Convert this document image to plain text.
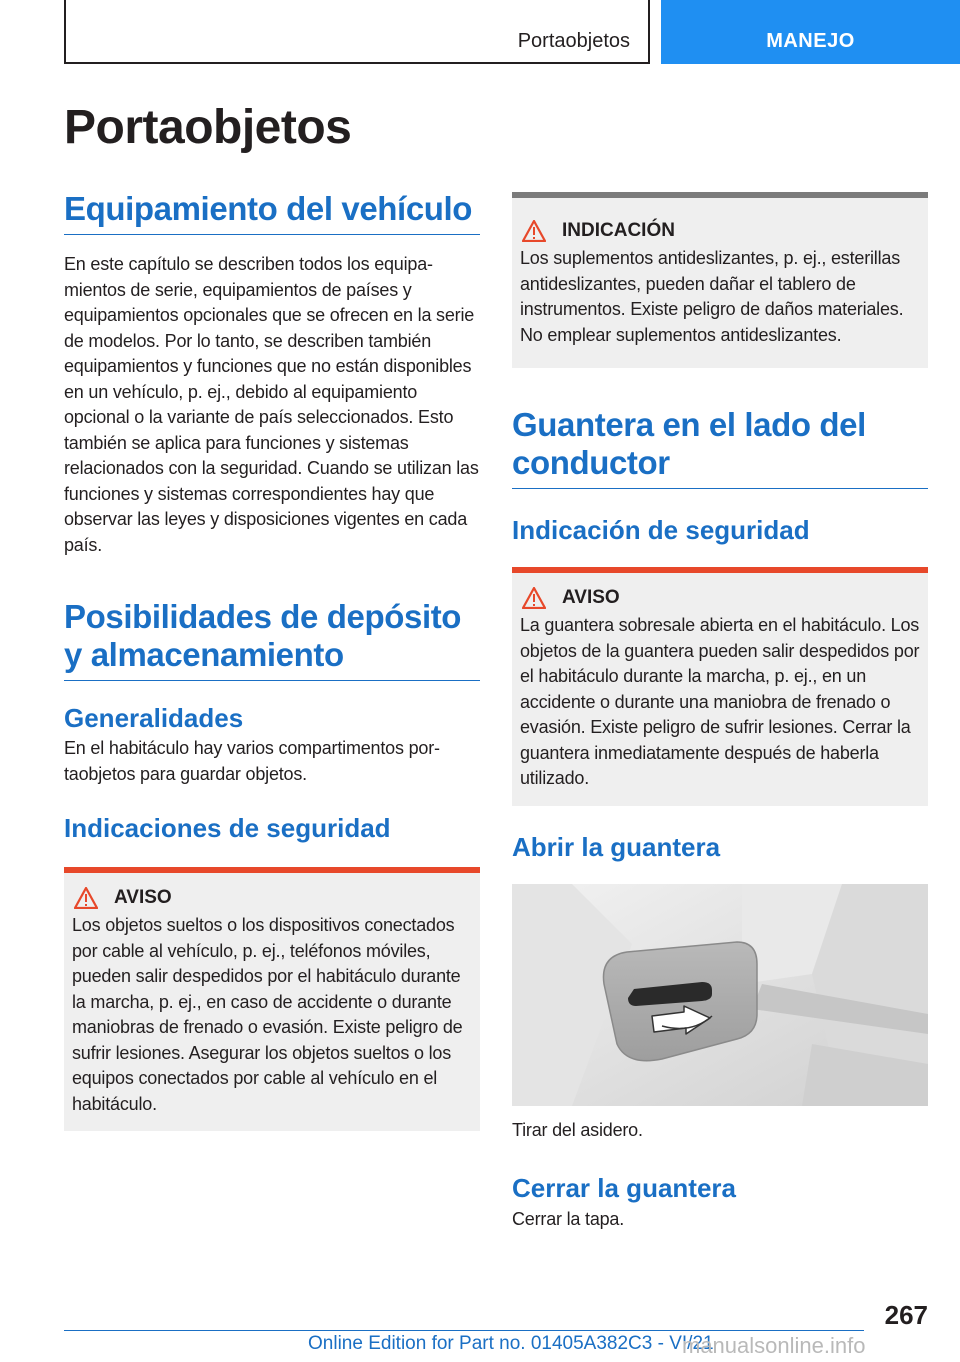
Portaobjetos	MANEJO
Portaobjetos
Equipamiento del vehículo

En este capítulo se describen todos los equipamientos de serie, equipamientos de países y equipamientos opcionales que se ofrecen en la serie de modelos. Por lo tanto, se describen también equipamientos y funciones que no están disponibles en un vehículo, p. ej., debido al equipamiento opcional o la variante de país seleccionados. Esto también se aplica para funciones y sistemas relacionados con la seguridad. Cuando se utilizan las funciones y sistemas correspondientes hay que observar las leyes y disposiciones vigentes en cada país.

Posibilidades de depósito y almacenamiento
Generalidades

En el habitáculo hay varios compartimentos portaobjetos para guardar objetos.

Indicaciones de seguridad
AVISO

Los objetos sueltos o los dispositivos conectados por cable al vehículo, p. ej., teléfonos móviles, pueden salir despedidos por el habitáculo durante la marcha, p. ej., en caso de accidente o durante maniobras de frenado o evasión. Existe peligro de sufrir lesiones. Asegurar los objetos sueltos o los equipos conectados por cable al vehículo en el habitáculo.

INDICACIÓN

Los suplementos antideslizantes, p. ej., esterillas antideslizantes, pueden dañar el tablero de instrumentos. Existe peligro de daños materiales. No emplear suplementos antideslizantes.

Guantera en el lado del conductor
Indicación de seguridad
AVISO

La guantera sobresale abierta en el habitáculo. Los objetos de la guantera pueden salir despedidos por el habitáculo durante la marcha, p. ej., en un accidente o durante una maniobra de frenado o evasión. Existe peligro de sufrir lesiones. Cerrar la guantera inmediatamente después de haberla utilizado.

Abrir la guantera

Tirar del asidero.

Cerrar la guantera

Cerrar la tapa.

267
Online Edition for Part no. 01405A382C3 - VI/21
manualsonline.info
